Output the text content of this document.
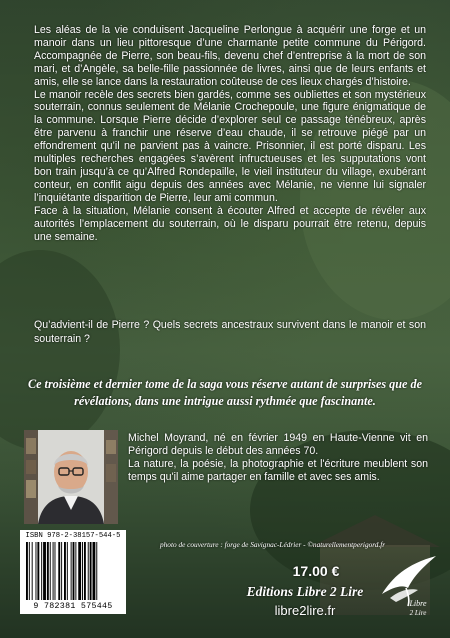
Les aléas de la vie conduisent Jacqueline Perlongue à acquérir une forge et un manoir dans un lieu pittoresque d’une charmante petite commune du Périgord. Accompagnée de Pierre, son beau-fils, devenu chef d’entreprise à la mort de son mari, et d’Angèle, sa belle-fille passionnée de livres, ainsi que de leurs enfants et amis, elle se lance dans la restauration coûteuse de ces lieux chargés d’histoire.

Le manoir recèle des secrets bien gardés, comme ses oubliettes et son mystérieux souterrain, connus seulement de Mélanie Crochepoule, une figure énigmatique de la commune. Lorsque Pierre décide d’explorer seul ce passage ténébreux, après être parvenu à franchir une réserve d’eau chaude, il se retrouve piégé par un effondrement qu’il ne parvient pas à vaincre. Prisonnier, il est porté disparu. Les multiples recherches engagées s’avèrent infructueuses et les supputations vont bon train jusqu’à ce qu’Alfred Rondepaille, le vieil instituteur du village, exubérant conteur, en conflit aigu depuis des années avec Mélanie, ne vienne lui signaler l’inquiétante disparition de Pierre, leur ami commun.

Face à la situation, Mélanie consent à écouter Alfred et accepte de révéler aux autorités l’emplacement du souterrain, où le disparu pourrait être retenu, depuis une semaine.

Qu’advient-il de Pierre ? Quels secrets ancestraux survivent dans le manoir et son souterrain ?
Ce troisième et dernier tome de la saga vous réserve autant de surprises que de révélations, dans une intrigue aussi rythmée que fascinante.

Michel Moyrand, né en février 1949 en Haute-Vienne vit en Périgord depuis le début des années 70.

La nature, la poésie, la photographie et l'écriture meublent son temps qu'il aime partager en famille et avec ses amis.

ISBN 978-2-38157-544-5
9 782381 575445
photo de couverture : forge de Savignac-Lédrier - ©naturellementperigord.fr
17.00 €
Editions Libre 2 Lire
libre2lire.fr	Libre
2 Lire
